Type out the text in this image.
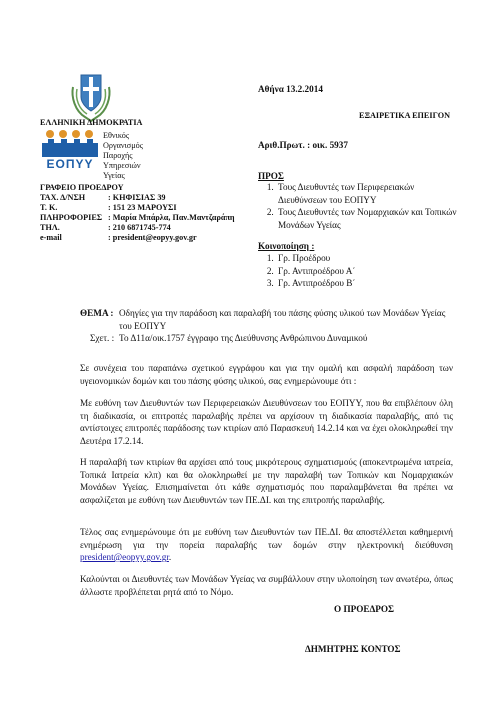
ΕΛΛΗΝΙΚΗ ΔΗΜΟΚΡΑΤΙΑ
ΕΟΠΥΥ
Εθνικός
Οργανισμός
Παροχής
Υπηρεσιών
Υγείας
ΓΡΑΦΕΙΟ ΠΡΟΕΔΡΟΥ
ΤΑΧ. Δ/ΝΣΗ	: ΚΗΦΙΣΙΑΣ 39
Τ. Κ.	: 151 23 ΜΑΡΟΥΣΙ
ΠΛΗΡΟΦΟΡΙΕΣ : Μαρία Μπάρλα, Παν.Μαντζαράπη
ΤΗΛ.	: 210 6871745-774
e-mail	: president@eopyy.gov.gr
Αθήνα 13.2.2014
ΕΞΑΙΡΕΤΙΚΑ ΕΠΕΙΓΟΝ
Αριθ.Πρωτ. : οικ. 5937
ΠΡΟΣ
1. Τους Διευθυντές των Περιφερειακών Διευθύνσεων του ΕΟΠΥΥ
2. Τους Διευθυντές των Νομαρχιακών και Τοπικών Μονάδων Υγείας
Κοινοποίηση :
1. Γρ. Προέδρου
2. Γρ. Αντιπροέδρου Α΄
3. Γρ. Αντιπροέδρου Β΄
ΘΕΜΑ : Οδηγίες για την παράδοση και παραλαβή του πάσης φύσης υλικού των Μονάδων Υγείας του ΕΟΠΥΥ
Σχετ. : Το Δ11α/οικ.1757 έγγραφο της Διεύθυνσης Ανθρώπινου Δυναμικού
Σε συνέχεια του παραπάνω σχετικού εγγράφου και για την ομαλή και ασφαλή παράδοση των υγειονομικών δομών και του πάσης φύσης υλικού, σας ενημερώνουμε ότι :
Με ευθύνη των Διευθυντών των Περιφερειακών Διευθύνσεων του ΕΟΠΥΥ, που θα επιβλέπουν όλη τη διαδικασία, οι επιτροπές παραλαβής πρέπει να αρχίσουν τη διαδικασία παραλαβής, από τις αντίστοιχες επιτροπές παράδοσης των κτιρίων από Παρασκευή 14.2.14 και να έχει ολοκληρωθεί την Δευτέρα 17.2.14.
Η παραλαβή των κτιρίων θα αρχίσει από τους μικρότερους σχηματισμούς (αποκεντρωμένα ιατρεία, Τοπικά Ιατρεία κλπ) και θα ολοκληρωθεί με την παραλαβή των Τοπικών και Νομαρχιακών Μονάδων Υγείας. Επισημαίνεται ότι κάθε σχηματισμός που παραλαμβάνεται θα πρέπει να ασφαλίζεται με ευθύνη των Διευθυντών των ΠΕ.ΔΙ. και της επιτροπής παραλαβής.
Τέλος σας ενημερώνουμε ότι με ευθύνη των Διευθυντών των ΠΕ.ΔΙ. θα αποστέλλεται καθημερινή ενημέρωση για την πορεία παραλαβής των δομών στην ηλεκτρονική διεύθυνση president@eopyy.gov.gr.
Καλούνται οι Διευθυντές των Μονάδων Υγείας να συμβάλλουν στην υλοποίηση των ανωτέρω, όπως άλλωστε προβλέπεται ρητά από το Νόμο.
Ο ΠΡΟΕΔΡΟΣ
ΔΗΜΗΤΡΗΣ ΚΟΝΤΟΣ
